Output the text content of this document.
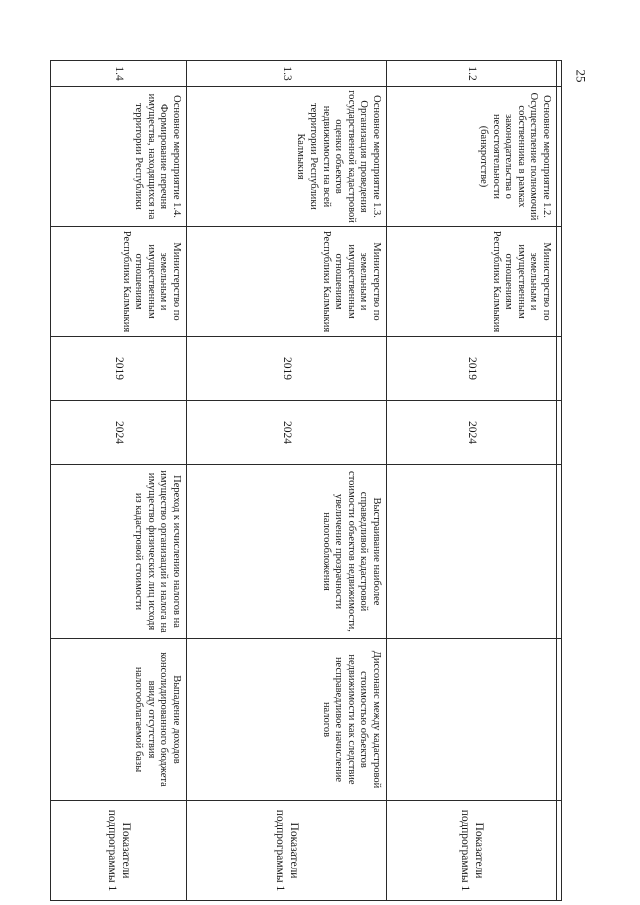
25

1.2	Основное мероприятие 1.2. Осуществление полномочий собственника в рамках законодательства о несостоятельности (банкротстве)	Министерство по земельным и имущественным отношениям Республики Калмыкия	2019	2024			Показатели подпрограммы 1
1.3	Основное мероприятие 1.3. Организация проведения государственной кадастровой оценки объектов недвижимости на всей территории Республики Калмыкия	Министерство по земельным и имущественным отношениям Республики Калмыкия	2019	2024	Выстраивание наиболее справедливой кадастровой стоимости объектов недвижимости, увеличение прозрачности налогообложения	Диссонанс между кадастровой стоимостью объектов недвижимости как следствие несправедливое начисление налогов	Показатели подпрограммы 1
1.4	Основное мероприятие 1.4. Формирование перечня имущества, находящихся на территории Республики	Министерство по земельным и имущественным отношениям Республики Калмыкия	2019	2024	Переход к исчислению налогов на имущество организаций и налога на имущество физических лиц исходя из кадастровой стоимости	Выпадение доходов консолидированного бюджета ввиду отсутствия налогооблагаемой базы	Показатели подпрограммы 1
